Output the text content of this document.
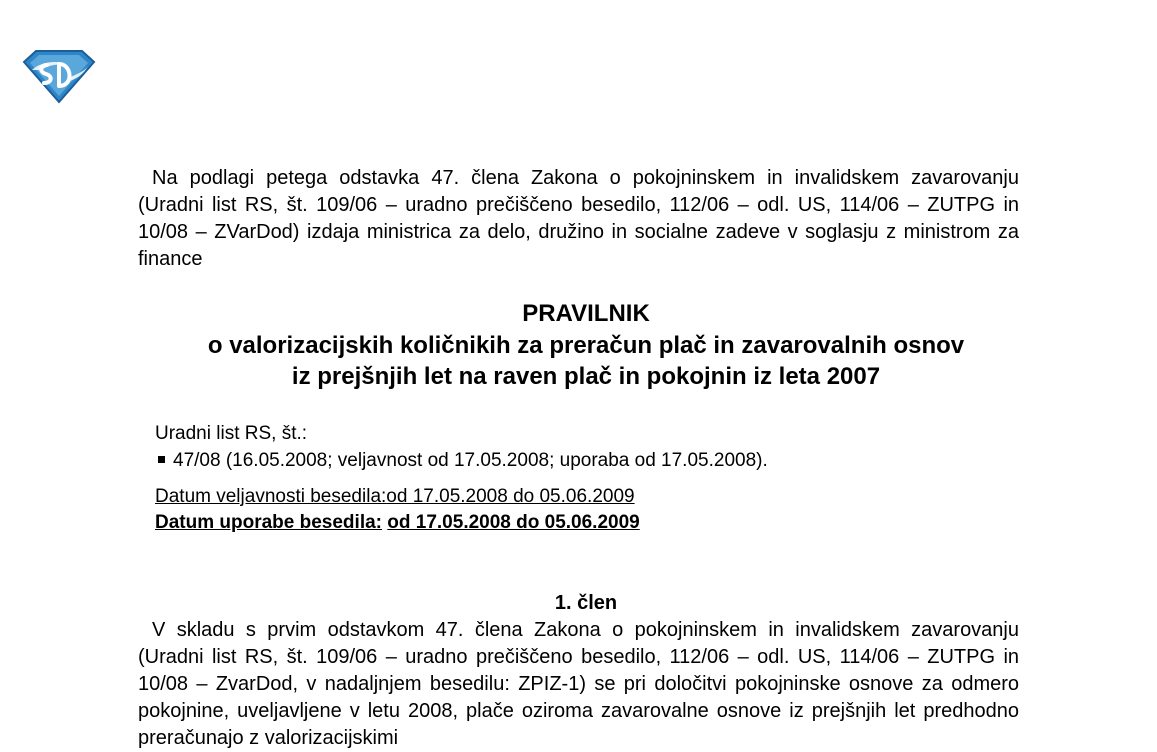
Na podlagi petega odstavka 47. člena Zakona o pokojninskem in invalidskem zavarovanju (Uradni list RS, št. 109/06 – uradno prečiščeno besedilo, 112/06 – odl. US, 114/06 – ZUTPG in 10/08 – ZVarDod) izdaja ministrica za delo, družino in socialne zadeve v soglasju z ministrom za finance
PRAVILNIK
o valorizacijskih količnikih za preračun plač in zavarovalnih osnov
iz prejšnjih let na raven plač in pokojnin iz leta 2007
Uradni list RS, št.:
47/08 (16.05.2008; veljavnost od 17.05.2008; uporaba od 17.05.2008).
Datum veljavnosti besedila:od 17.05.2008 do 05.06.2009
Datum uporabe besedila: od 17.05.2008 do 05.06.2009
1. člen
V skladu s prvim odstavkom 47. člena Zakona o pokojninskem in invalidskem zavarovanju (Uradni list RS, št. 109/06 – uradno prečiščeno besedilo, 112/06 – odl. US, 114/06 – ZUTPG in 10/08 – ZvarDod, v nadaljnjem besedilu: ZPIZ-1) se pri določitvi pokojninske osnove za odmero pokojnine, uveljavljene v letu 2008, plače oziroma zavarovalne osnove iz prejšnjih let predhodno preračunajo z valorizacijskimi
